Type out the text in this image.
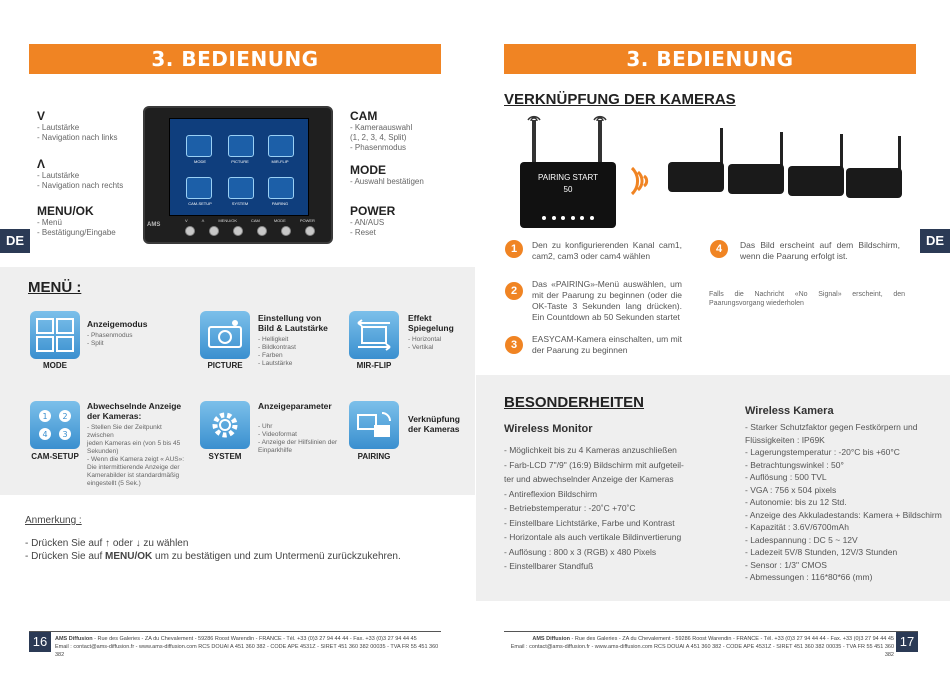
3. BEDIENUNG
DE
V
- Lautstärke
- Navigation nach links
Λ
- Lautstärke
- Navigation nach rechts
MENU/OK
- Menü
- Bestätigung/Eingabe
MODE	PICTURE	MIR-FLIP
CAM-SETUP	SYSTEM	PAIRING
AMS
V	Λ	MENU/OK	CAM	MODE	POWER
CAM
- Kameraauswahl
(1, 2, 3, 4, Split)
- Phasenmodus
MODE
- Auswahl bestätigen
POWER
- AN/AUS
- Reset
MENÜ :
MODE
Anzeigemodus
- Phasenmodus
- Split
PICTURE
Einstellung von
Bild & Lautstärke
- Helligkeit
- Bildkontrast
- Farben
- Lautstärke	MIR-FLIP
Effekt
Spiegelung
- Horizontal
- Vertikal
1 2
4 3
CAM-SETUP
Abwechselnde Anzeige
der Kameras:
- Stellen Sie der Zeitpunkt zwischen
jeden Kameras ein (von 5 bis 45
Sekunden)
- Wenn die Kamera zeigt « AUS»:
Die intermittierende Anzeige der
Kamerabilder ist standardmäßig
eingestellt (5 Sek.)
SYSTEM
Anzeigeparameter
- Uhr
- Videoformat
- Anzeige der Hilfslinien der
Einparkhilfe
PAIRING
Verknüpfung
der Kameras
Anmerkung :
- Drücken Sie auf ↑ oder ↓ zu wählen
- Drücken Sie auf MENU/OK um zu bestätigen und zum Untermenü zurückzukehren.
16	AMS Diffusion - Rue des Galeries - ZA du Chevalement - 59286 Roost Warendin - FRANCE - Tél. +33 (0)3 27 94 44 44 - Fax. +33 (0)3 27 94 44 45
Email : contact@ams-diffusion.fr - www.ams-diffusion.com RCS DOUAI A 451 360 382 - CODE APE 4531Z - SIRET 451 360 382 00035 - TVA FR 55 451 360 382
3. BEDIENUNG
DE
VERKNÜPFUNG DER KAMERAS
PAIRING START
50
1	Den zu konfigurierenden Kanal cam1, cam2, cam3 oder cam4 wählen
2
Das «PAIRING»-Menü auswählen, um mit der Paarung zu beginnen (oder die OK-Taste 3 Sekunden lang drücken). Ein Countdown ab 50 Sekunden startet
3	EASYCAM-Kamera einschalten, um mit der Paarung zu beginnen
4	Das Bild erscheint auf dem Bildschirm, wenn die Paarung erfolgt ist.
Falls die Nachricht «No Signal» erscheint, den Paarungsvorgang wiederholen
BESONDERHEITEN
Wireless Monitor
- Möglichkeit bis zu 4 Kameras anzuschließen
- Farb-LCD 7"/9" (16:9) Bildschirm mit aufgeteil-
ter und abwechselnder Anzeige der Kameras
- Antireflexion Bildschirm
- Betriebstemperatur : -20˚C +70˚C
- Einstellbare Lichtstärke, Farbe und Kontrast
- Horizontale als auch vertikale Bildinvertierung
- Auflösung : 800 x 3 (RGB) x 480 Pixels
- Einstellbarer Standfuß
Wireless Kamera
- Starker Schutzfaktor gegen Festkörpern und
Flüssigkeiten : IP69K
- Lagerungstemperatur : -20°C bis +60°C
- Betrachtungswinkel : 50°
- Auflösung : 500 TVL
- VGA : 756 x 504 pixels
- Autonomie: bis zu 12 Std.
- Anzeige des Akkuladestands: Kamera + Bildschirm
- Kapazität : 3.6V/6700mAh
- Ladespannung : DC 5 ~ 12V
- Ladezeit 5V/8 Stunden, 12V/3 Stunden
- Sensor : 1/3" CMOS
- Abmessungen : 116*80*66 (mm)
AMS Diffusion - Rue des Galeries - ZA du Chevalement - 59286 Roost Warendin - FRANCE - Tél. +33 (0)3 27 94 44 44 - Fax. +33 (0)3 27 94 44 45
Email : contact@ams-diffusion.fr - www.ams-diffusion.com RCS DOUAI A 451 360 382 - CODE APE 4531Z - SIRET 451 360 382 00035 - TVA FR 55 451 360 382
17
